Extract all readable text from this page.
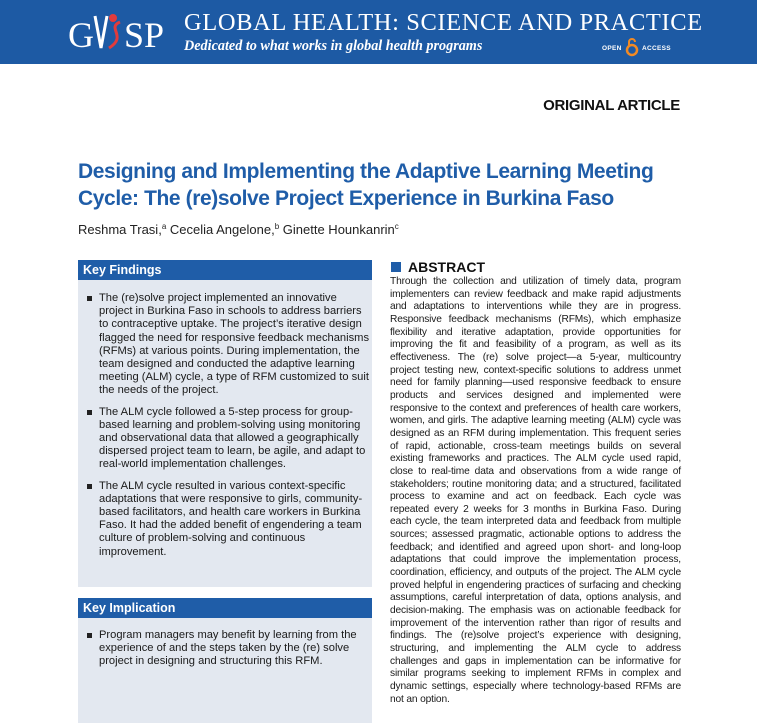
G SP GLOBAL HEALTH: SCIENCE AND PRACTICE
Dedicated to what works in global health programs	OPEN	ACCESS
ORIGINAL ARTICLE
Designing and Implementing the Adaptive Learning Meeting Cycle: The (re)solve Project Experience in Burkina Faso
Reshma Trasi,$^a$ Cecelia Angelone,$^b$ Ginette Hounkanrin$^c$
Key Findings
The (re)solve project implemented an innovative project in Burkina Faso in schools to address barriers to contraceptive uptake. The project’s iterative design flagged the need for responsive feedback mechanisms (RFMs) at various points. During implementation, the team designed and conducted the adaptive learning meeting (ALM) cycle, a type of RFM customized to suit the needs of the project.
The ALM cycle followed a 5-step process for group-based learning and problem-solving using monitoring and observational data that allowed a geographically dispersed project team to learn, be agile, and adapt to real-world implementation challenges.
The ALM cycle resulted in various context-specific adaptations that were responsive to girls, community-based facilitators, and health care workers in Burkina Faso. It had the added benefit of engendering a team culture of problem-solving and continuous improvement.
Key Implication
Program managers may benefit by learning from the experience of and the steps taken by the (re) solve project in designing and structuring this RFM.
ABSTRACT

Through the collection and utilization of timely data, program implementers can review feedback and make rapid adjustments and adaptations to interventions while they are in progress. Responsive feedback mechanisms (RFMs), which emphasize flexibility and iterative adaptation, provide opportunities for improving the fit and feasibility of a program, as well as its effectiveness. The (re) solve project—a 5-year, multicountry project testing new, context-specific solutions to address unmet need for family planning—used responsive feedback to ensure products and services designed and implemented were responsive to the context and preferences of health care workers, women, and girls. The adaptive learning meeting (ALM) cycle was designed as an RFM during implementation. This frequent series of rapid, actionable, cross-team meetings builds on several existing frameworks and practices. The ALM cycle used rapid, close to real-time data and observations from a wide range of stakeholders; routine monitoring data; and a structured, facilitated process to examine and act on feedback. Each cycle was repeated every 2 weeks for 3 months in Burkina Faso. During each cycle, the team interpreted data and feedback from multiple sources; assessed pragmatic, actionable options to address the feedback; and identified and agreed upon short- and long-loop adaptations that could improve the implementation process, coordination, efficiency, and outputs of the project. The ALM cycle proved helpful in engendering practices of surfacing and checking assumptions, careful interpretation of data, options analysis, and decision-making. The emphasis was on actionable feedback for improvement of the intervention rather than rigor of results and findings. The (re)solve project’s experience with designing, structuring, and implementing the ALM cycle to address challenges and gaps in implementation can be informative for similar programs seeking to implement RFMs in complex and dynamic settings, especially where technology-based RFMs are not an option.
